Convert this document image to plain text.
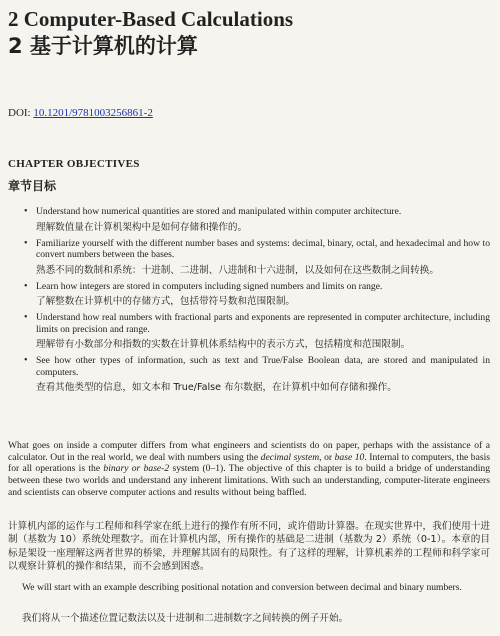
2 Computer-Based Calculations
2 基于计算机的计算
DOI: 10.1201/9781003256861-2
CHAPTER OBJECTIVES
章节目标
• Understand how numerical quantities are stored and manipulated within computer architecture.
理解数值量在计算机架构中是如何存储和操作的。
• Familiarize yourself with the different number bases and systems: decimal, binary, octal, and hexadecimal and how to convert numbers between the bases.
熟悉不同的数制和系统：十进制、二进制、八进制和十六进制，以及如何在这些数制之间转换。
• Learn how integers are stored in computers including signed numbers and limits on range.
了解整数在计算机中的存储方式，包括带符号数和范围限制。
• Understand how real numbers with fractional parts and exponents are represented in computer architecture, including limits on precision and range.
理解带有小数部分和指数的实数在计算机体系结构中的表示方式，包括精度和范围限制。
• See how other types of information, such as text and True/False Boolean data, are stored and manipulated in computers.
查看其他类型的信息，如文本和 True/False 布尔数据，在计算机中如何存储和操作。

What goes on inside a computer differs from what engineers and scientists do on paper, perhaps with the assistance of a calculator. Out in the real world, we deal with numbers using the decimal system, or base 10. Internal to computers, the basis for all operations is the binary or base-2 system (0–1). The objective of this chapter is to build a bridge of understanding between these two worlds and understand any inherent limitations. With such an understanding, computer-literate engineers and scientists can observe computer actions and results without being baffled.

计算机内部的运作与工程师和科学家在纸上进行的操作有所不同，或许借助计算器。在现实世界中，我们使用十进制（基数为 10）系统处理数字。而在计算机内部，所有操作的基础是二进制（基数为 2）系统（0-1）。本章的目标是架设一座理解这两者世界的桥梁，并理解其固有的局限性。有了这样的理解，计算机素养的工程师和科学家可以观察计算机的操作和结果，而不会感到困惑。

We will start with an example describing positional notation and conversion between decimal and binary numbers.

我们将从一个描述位置记数法以及十进制和二进制数字之间转换的例子开始。
